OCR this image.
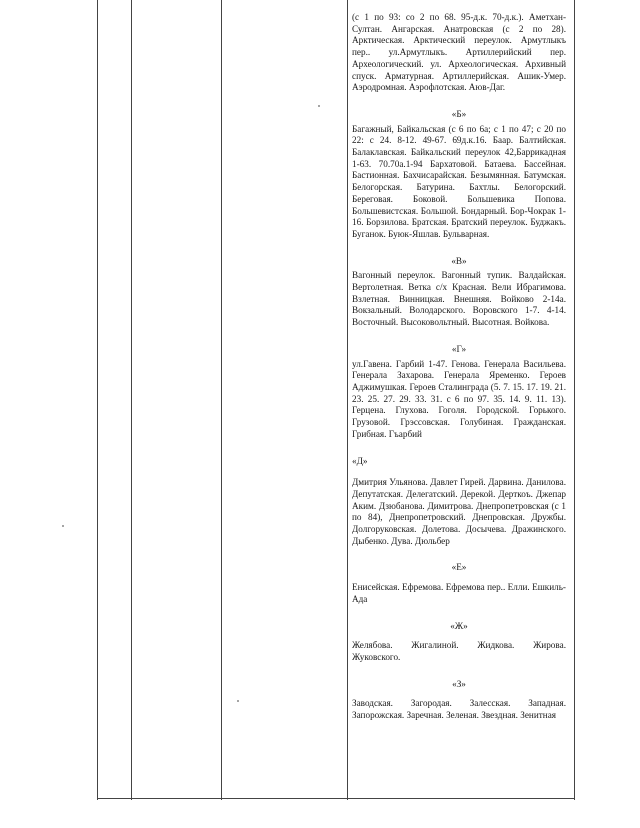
(с 1 по 93: со 2 по 68. 95-д.к. 70-д.к.). Аметхан-Султан. Ангарская. Анатровская (с 2 по 28). Арктическая. Арктический переулок. Армутлыкъ пер.. ул.Армутлыкъ. Артиллерийский пер. Археологический. ул. Археологическая. Архивный спуск. Арматурная. Артиллерийская. Ашик-Умер. Аэродромная. Аэрофлотская. Аюв-Даг.

«Б»

Багажный, Байкальская (с 6 по 6а; с 1 по 47; с 20 по 22: с 24. 8-12. 49-67. 69д.к.16. Баар. Балтийская. Балаклавская. Байкальский переулок 42,Баррикадная 1-63. 70.70а.1-94 Бархатовой. Батаева. Бассейная. Бастионная. Бахчисарайская. Безымянная. Батумская. Белогорская. Батурина. Бахтлы. Белогорский. Береговая. Боковой. Большевика Попова. Большевистская. Большой. Бондарный. Бор-Чокрак 1-16. Борзилова. Братская. Братский переулок. Буджакъ. Буганок. Буюк-Яшлав. Бульварная.

«В»

Вагонный переулок. Вагонный тупик. Валдайская. Вертолетная. Ветка с/х Красная. Вели Ибрагимова. Взлетная. Винницкая. Внешняя. Войково 2-14а. Вокзальный. Володарского. Воровского 1-7. 4-14. Восточный. Высоковольтный. Высотная. Войкова.

«Г»

ул.Гавена. Гарбий 1-47. Генова. Генерала Васильева. Генерала Захарова. Генерала Яременко. Героев Аджимушкая. Героев Сталинграда (5. 7. 15. 17. 19. 21. 23. 25. 27. 29. 33. 31. с 6 по 97. 35. 14. 9. 11. 13). Герцена. Глухова. Гоголя. Городской. Горького. Грузовой. Грэссовская. Голубиная. Гражданская. Грибная. Гъарбий

«Д»

Дмитрия Ульянова. Давлет Гирей. Дарвина. Данилова. Депутатская. Делегатский. Дерекой. Дерткоъ. Джепар Аким. Дзюбанова. Димитрова. Днепропетровская (с 1 по 84), Днепропетровский. Днепровская. Дружбы. Долгоруковская. Долетова. Досычева. Дражинского. Дыбенко. Дува. Дюльбер

«Е»

Енисейская. Ефремова. Ефремова пер.. Елли. Ешкиль-Ада

«Ж»

Желябова. Жигалиной. Жидкова. Жирова. Жуковского.

«З»

Заводская. Загородая. Залесская. Западная. Запорожская. Заречная. Зеленая. Звездная. Зенитная
